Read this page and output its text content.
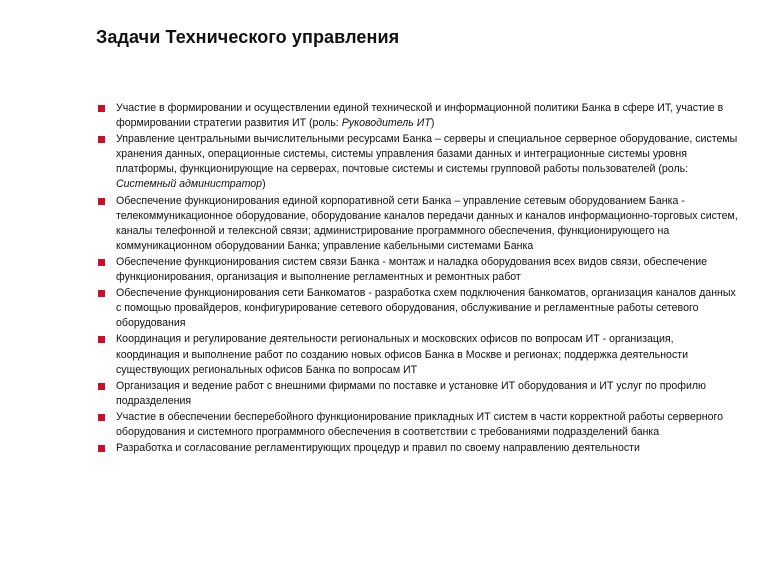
Задачи Технического управления
Участие в формировании и осуществлении единой технической и информационной политики Банка в сфере ИТ, участие в формировании стратегии развития ИТ (роль: Руководитель ИТ)
Управление центральными вычислительными ресурсами Банка – серверы и специальное серверное оборудование, системы хранения данных, операционные системы, системы управления базами данных и интеграционные системы уровня платформы, функционирующие на серверах, почтовые системы и системы групповой работы пользователей (роль: Системный администратор)
Обеспечение функционирования единой корпоративной сети Банка – управление сетевым оборудованием Банка - телекоммуникационное оборудование, оборудование каналов передачи данных и каналов информационно-торговых систем, каналы телефонной и телексной связи; администрирование программного обеспечения, функционирующего на коммуникационном оборудовании Банка; управление кабельными системами Банка
Обеспечение функционирования систем связи Банка - монтаж и наладка оборудования всех видов связи, обеспечение функционирования, организация и выполнение регламентных и ремонтных работ
Обеспечение функционирования сети Банкоматов - разработка схем подключения банкоматов, организация каналов данных с помощью провайдеров, конфигурирование сетевого оборудования, обслуживание и регламентные работы сетевого оборудования
Координация и регулирование деятельности региональных и московских офисов по вопросам ИТ - организация, координация и выполнение работ по созданию новых офисов Банка в Москве и регионах; поддержка деятельности существующих региональных офисов Банка по вопросам ИТ
Организация и ведение работ с внешними фирмами по поставке и установке ИТ оборудования и ИТ услуг по профилю подразделения
Участие в обеспечении бесперебойного функционирование прикладных ИТ систем в части корректной работы серверного оборудования и системного программного обеспечения в соответствии с требованиями подразделений банка
Разработка и согласование регламентирующих процедур и правил по своему направлению деятельности
